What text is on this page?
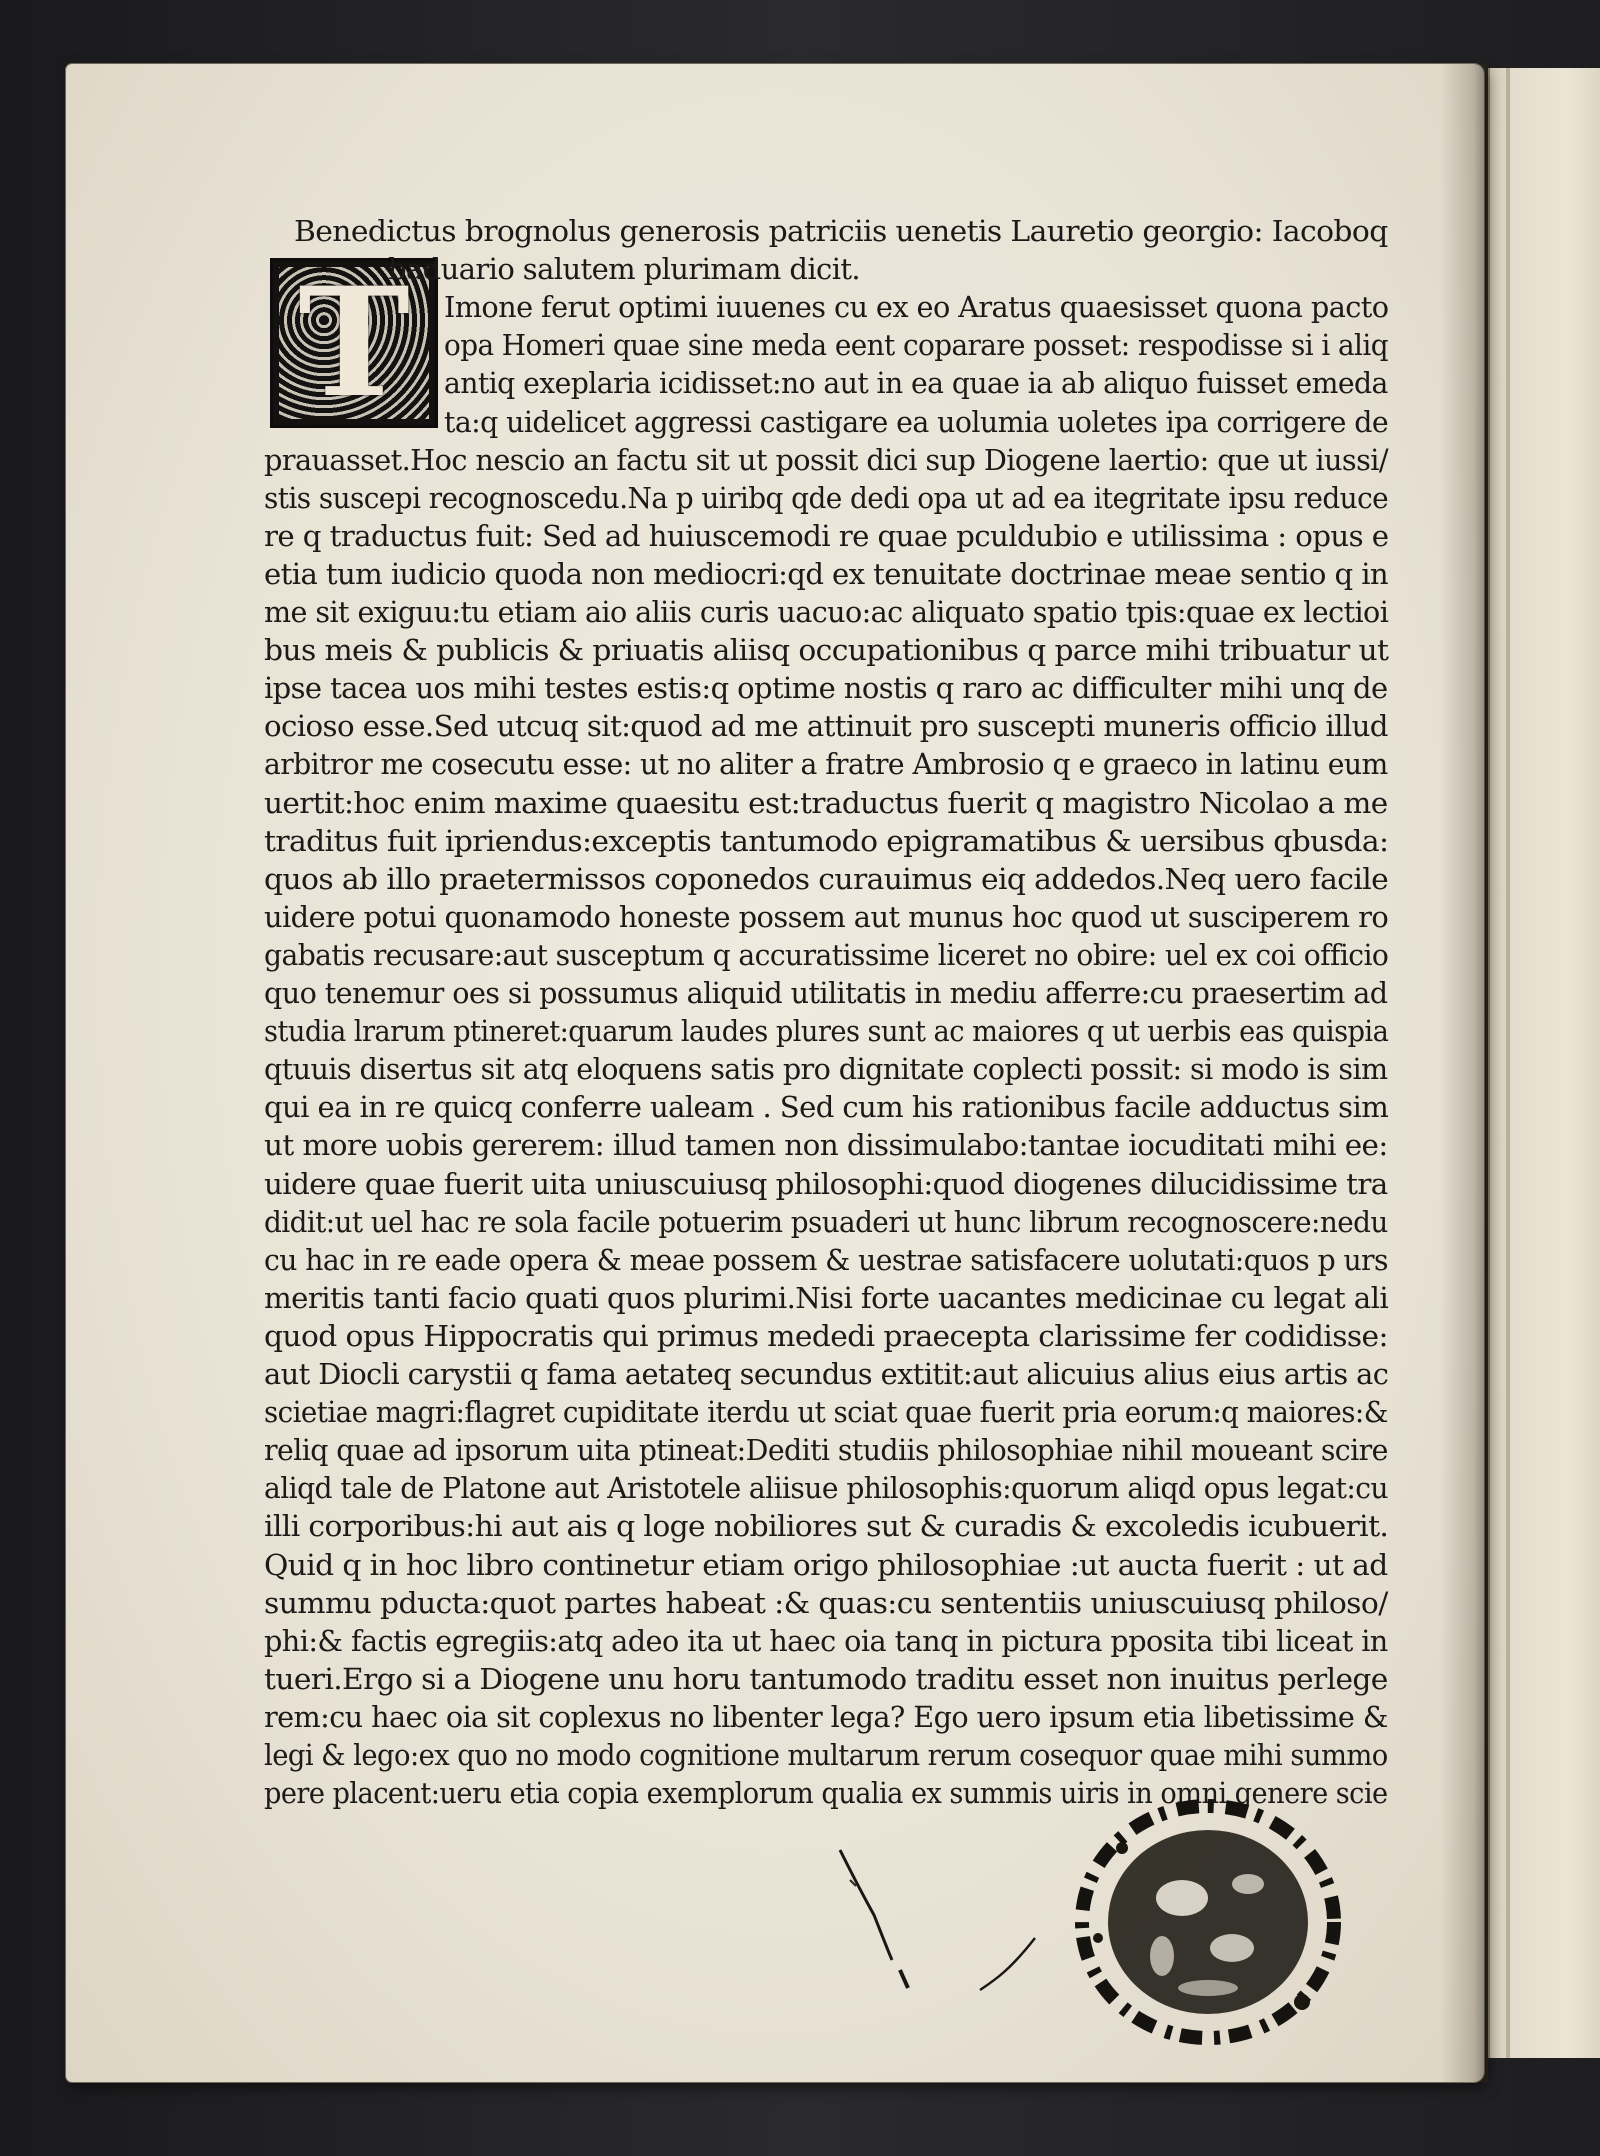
T
Benedictus brognolus generosis patriciis uenetis Lauretio georgio: Iacoboq
baduario salutem plurimam dicit.
Imone ferut optimi iuuenes cu ex eo Aratus quaesisset quona pacto
opa Homeri quae sine meda eent coparare posset: respodisse si i aliq
antiq exeplaria icidisset:no aut in ea quae ia ab aliquo fuisset emeda
ta:q uidelicet aggressi castigare ea uolumia uoletes ipa corrigere de
prauasset.Hoc nescio an factu sit ut possit dici sup Diogene laertio: que ut iussi/
stis suscepi recognoscedu.Na p uiribq qde dedi opa ut ad ea itegritate ipsu reduce
re q traductus fuit: Sed ad huiuscemodi re quae pculdubio e utilissima : opus e
etia tum iudicio quoda non mediocri:qd ex tenuitate doctrinae meae sentio q in
me sit exiguu:tu etiam aio aliis curis uacuo:ac aliquato spatio tpis:quae ex lectioi
bus meis & publicis & priuatis aliisq occupationibus q parce mihi tribuatur ut
ipse tacea uos mihi testes estis:q optime nostis q raro ac difficulter mihi unq de
ocioso esse.Sed utcuq sit:quod ad me attinuit pro suscepti muneris officio illud
arbitror me cosecutu esse: ut no aliter a fratre Ambrosio q e graeco in latinu eum
uertit:hoc enim maxime quaesitu est:traductus fuerit q magistro Nicolao a me
traditus fuit ipriendus:exceptis tantumodo epigramatibus & uersibus qbusda:
quos ab illo praetermissos coponedos curauimus eiq addedos.Neq uero facile
uidere potui quonamodo honeste possem aut munus hoc quod ut susciperem ro
gabatis recusare:aut susceptum q accuratissime liceret no obire: uel ex coi officio
quo tenemur oes si possumus aliquid utilitatis in mediu afferre:cu praesertim ad
studia lrarum ptineret:quarum laudes plures sunt ac maiores q ut uerbis eas quispia
qtuuis disertus sit atq eloquens satis pro dignitate coplecti possit: si modo is sim
qui ea in re quicq conferre ualeam . Sed cum his rationibus facile adductus sim
ut more uobis gererem: illud tamen non dissimulabo:tantae iocuditati mihi ee:
uidere quae fuerit uita uniuscuiusq philosophi:quod diogenes dilucidissime tra
didit:ut uel hac re sola facile potuerim psuaderi ut hunc librum recognoscere:nedu
cu hac in re eade opera & meae possem & uestrae satisfacere uolutati:quos p urs
meritis tanti facio quati quos plurimi.Nisi forte uacantes medicinae cu legat ali
quod opus Hippocratis qui primus mededi praecepta clarissime fer codidisse:
aut Diocli carystii q fama aetateq secundus extitit:aut alicuius alius eius artis ac
scietiae magri:flagret cupiditate iterdu ut sciat quae fuerit pria eorum:q maiores:&
reliq quae ad ipsorum uita ptineat:Dediti studiis philosophiae nihil moueant scire
aliqd tale de Platone aut Aristotele aliisue philosophis:quorum aliqd opus legat:cu
illi corporibus:hi aut ais q loge nobiliores sut & curadis & excoledis icubuerit.
Quid q in hoc libro continetur etiam origo philosophiae :ut aucta fuerit : ut ad
summu pducta:quot partes habeat :& quas:cu sententiis uniuscuiusq philoso/
phi:& factis egregiis:atq adeo ita ut haec oia tanq in pictura pposita tibi liceat in
tueri.Ergo si a Diogene unu horu tantumodo traditu esset non inuitus perlege
rem:cu haec oia sit coplexus no libenter lega? Ego uero ipsum etia libetissime &
legi & lego:ex quo no modo cognitione multarum rerum cosequor quae mihi summo
pere placent:ueru etia copia exemplorum qualia ex summis uiris in omni genere scie
